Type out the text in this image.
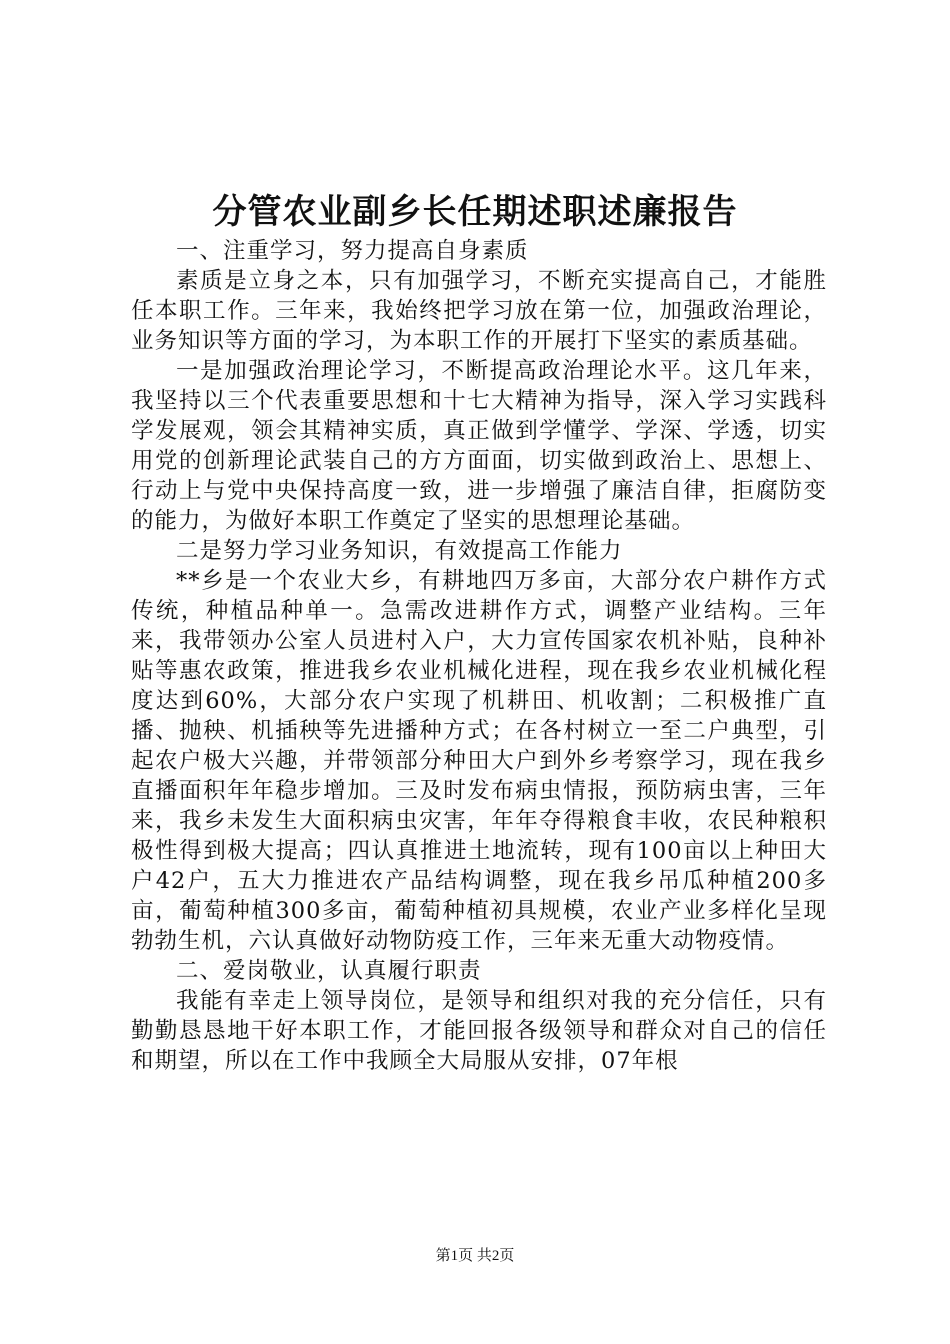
分管农业副乡长任期述职述廉报告

一、注重学习，努力提高自身素质

素质是立身之本，只有加强学习，不断充实提高自己，才能胜任本职工作。三年来，我始终把学习放在第一位，加强政治理论，业务知识等方面的学习，为本职工作的开展打下坚实的素质基础。

一是加强政治理论学习，不断提高政治理论水平。这几年来，我坚持以三个代表重要思想和十七大精神为指导，深入学习实践科学发展观，领会其精神实质，真正做到学懂学、学深、学透，切实用党的创新理论武装自己的方方面面，切实做到政治上、思想上、行动上与党中央保持高度一致，进一步增强了廉洁自律，拒腐防变的能力，为做好本职工作奠定了坚实的思想理论基础。

二是努力学习业务知识，有效提高工作能力

**乡是一个农业大乡，有耕地四万多亩，大部分农户耕作方式传统，种植品种单一。急需改进耕作方式，调整产业结构。三年来，我带领办公室人员进村入户，大力宣传国家农机补贴，良种补贴等惠农政策，推进我乡农业机械化进程，现在我乡农业机械化程度达到60%，大部分农户实现了机耕田、机收割；二积极推广直播、抛秧、机插秧等先进播种方式；在各村树立一至二户典型，引起农户极大兴趣，并带领部分种田大户到外乡考察学习，现在我乡直播面积年年稳步增加。三及时发布病虫情报，预防病虫害，三年来，我乡未发生大面积病虫灾害，年年夺得粮食丰收，农民种粮积极性得到极大提高；四认真推进土地流转，现有100亩以上种田大户42户，五大力推进农产品结构调整，现在我乡吊瓜种植200多亩，葡萄种植300多亩，葡萄种植初具规模，农业产业多样化呈现勃勃生机，六认真做好动物防疫工作，三年来无重大动物疫情。

二、爱岗敬业，认真履行职责

我能有幸走上领导岗位，是领导和组织对我的充分信任，只有勤勤恳恳地干好本职工作，才能回报各级领导和群众对自己的信任和期望，所以在工作中我顾全大局服从安排，07年根

第1页 共2页
